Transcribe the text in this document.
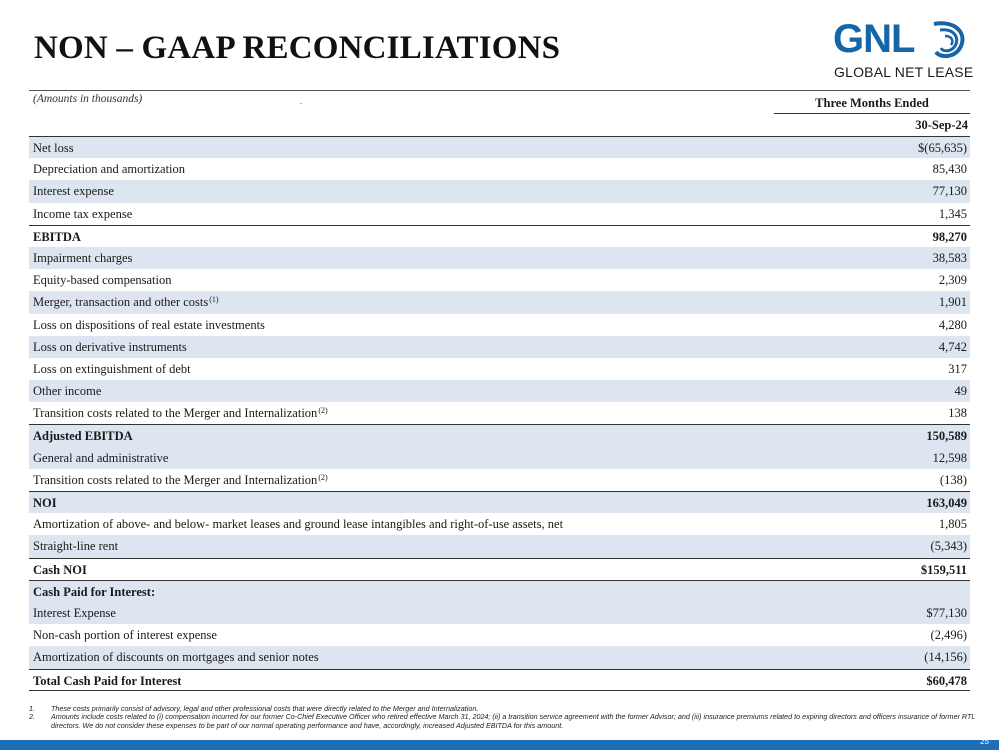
NON – GAAP RECONCILIATIONS	GNL
GLOBAL NET LEASE
(Amounts in thousands)	.	Three Months Ended
30-Sep-24
Net loss	$(65,635)
Depreciation and amortization	85,430
Interest expense	77,130
Income tax expense	1,345
EBITDA	98,270
Impairment charges	38,583
Equity-based compensation	2,309
Merger, transaction and other costs$^{(1)}$	1,901
Loss on dispositions of real estate investments	4,280
Loss on derivative instruments	4,742
Loss on extinguishment of debt	317
Other income	49
Transition costs related to the Merger and Internalization$^{(2)}$	138
Adjusted EBITDA	150,589
General and administrative	12,598
Transition costs related to the Merger and Internalization$^{(2)}$	(138)
NOI	163,049
Amortization of above- and below- market leases and ground lease intangibles and right-of-use assets, net	1,805
Straight-line rent	(5,343)
Cash NOI	$159,511
Cash Paid for Interest:
Interest Expense	$77,130
Non-cash portion of interest expense	(2,496)
Amortization of discounts on mortgages and senior notes	(14,156)
Total Cash Paid for Interest	$60,478
1.	These costs primarily consist of advisory, legal and other professional costs that were directly related to the Merger and Internalization.
2.	Amounts include costs related to (i) compensation incurred for our former Co-Chief Executive Officer who retired effective March 31, 2024; (ii) a transition service agreement with the former Advisor; and (iii) insurance premiums related to expiring directors and officers insurance of former RTL directors. We do not consider these expenses to be part of our normal operating performance and have, accordingly, increased Adjusted EBITDA for this amount.
25
